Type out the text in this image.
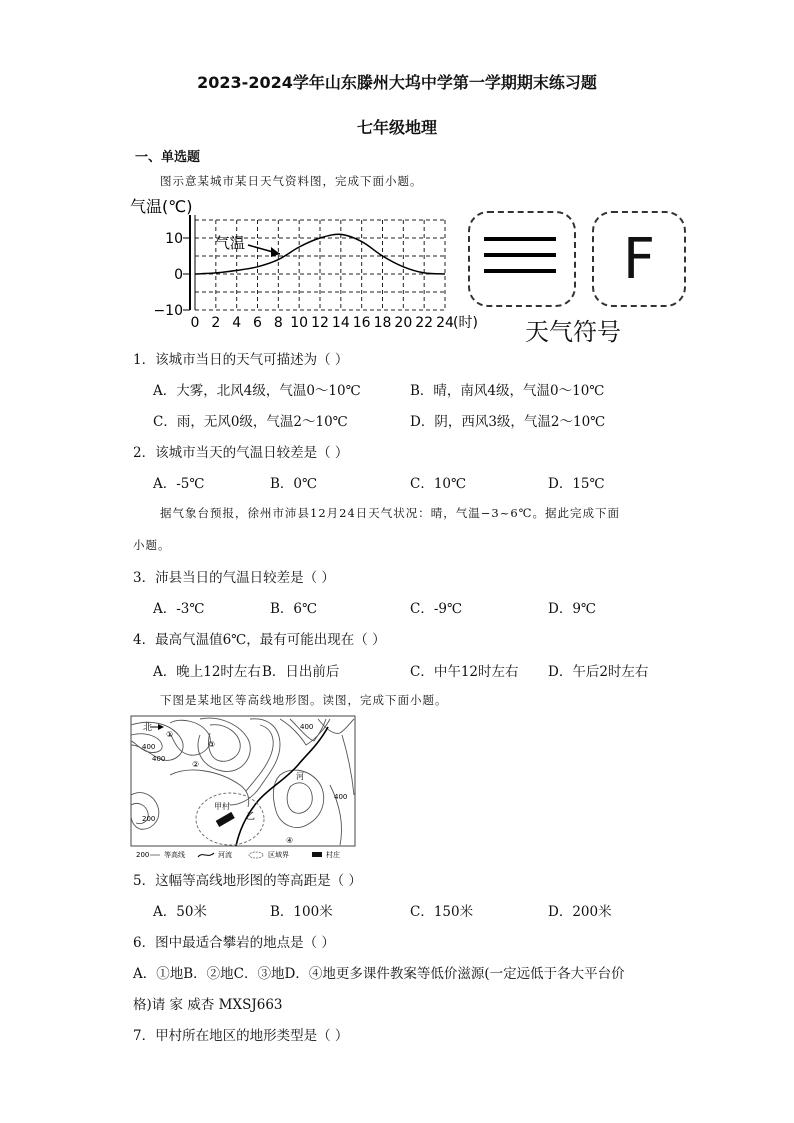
2023-2024学年山东滕州大坞中学第一学期期末练习题
七年级地理
一、单选题
图示意某城市某日天气资料图，完成下面小题。
0 2 4 6 8 10 12 14 16 18 20 22 24 (时)
10
0
−10
气温(℃)
气温	F
天气符号
1．该城市当日的天气可描述为（ ）
A．大雾，北风4级，气温0～10℃	B．晴，南风4级，气温0～10℃
C．雨，无风0级，气温2～10℃	D．阴，西风3级，气温2～10℃
2．该城市当天的气温日较差是（ ）
A．-5℃	B．0℃	C．10℃	D．15℃
据气象台预报，徐州市沛县12月24日天气状况：晴，气温−3~6℃。据此完成下面
小题。
3．沛县当日的气温日较差是（ ）
A．-3℃	B．6℃	C．-9℃	D．9℃
4．最高气温值6℃，最有可能出现在（ ）
A．晚上12时左右 B．日出前后	C．中午12时左右 D．午后2时左右
下图是某地区等高线地形图。读图，完成下面小题。
北
400
400
400
400
200
①
②
③
④
甲村
乙
河
200 等高线	河流	区域界	村庄
5．这幅等高线地形图的等高距是（ ）
A．50米	B．100米	C．150米	D．200米
6．图中最适合攀岩的地点是（ ）
A．①地B．②地C．③地D．④地更多课件教案等低价滋源(一定远低于各大平台价
格)请 家 威杏 MXSJ663
7．甲村所在地区的地形类型是（ ）
